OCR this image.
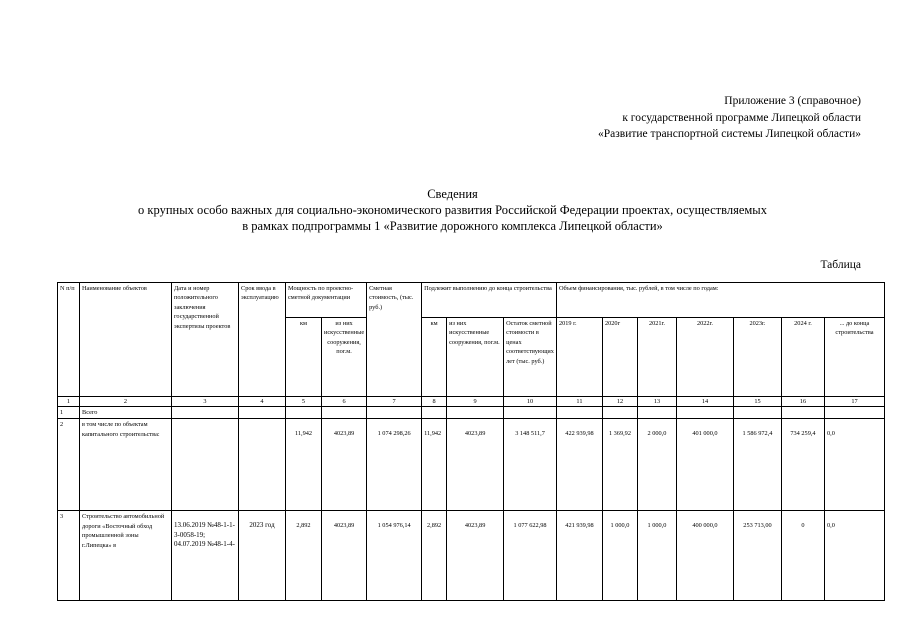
Приложение 3 (справочное)
к государственной программе Липецкой области
«Развитие транспортной системы Липецкой области»
Сведения
о крупных особо важных для социально-экономического развития Российской Федерации проектах, осуществляемых
в рамках подпрограммы 1 «Развитие дорожного комплекса Липецкой области»
Таблица
N п/п	Наименование объектов	Дата и номер положительного заключения государственной экспертизы проектов	Срок ввода в эксплуатацию	Мощность по проектно-сметной документации		Сметная стоимость, (тыс. руб.)	Подлежит выполнению до конца строительства			Объем финансирования, тыс. рублей, в том числе по годам:						
				км	из них искусственные сооружения, пог.м.					2019 г.	2020г	2021г.	2022г.	2023г.	2024 г.	... до конца строительства
							км	из них искусственные сооружения, пог.м.	Остаток сметной стоимости в ценах соответствующих лет (тыс. руб.)							
1	2	3	4	5	6	7	8	9	10	11	12	13	14	15	16	17
1	Всего															
2	в том числе по объектам капитального строительства:			11,942	4023,89	1 074 298,26	11,942	4023,89	3 148 511,7	422 939,98	1 369,92	2 000,0	401 000,0	1 586 972,4	734 259,4	0,0
3	Строительство автомобильной дороги «Восточный обход промышленной зоны г.Липецка» в	13.06.2019 №48-1-1-3-0058-19; 04.07.2019 №48-1-4-	2023 год	2,892	4023,89	1 054 976,14	2,892	4023,89	1 077 622,98	421 939,98	1 000,0	1 000,0	400 000,0	253 713,00	0	0,0
